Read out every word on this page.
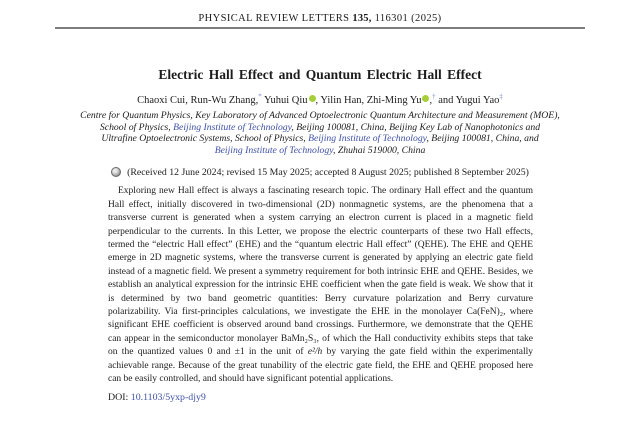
PHYSICAL REVIEW LETTERS 135, 116301 (2025)
Electric Hall Effect and Quantum Electric Hall Effect
Chaoxi Cui, Run-Wu Zhang,* Yuhui Qiu , Yilin Han, Zhi-Ming Yu ,† and Yugui Yao‡
Centre for Quantum Physics, Key Laboratory of Advanced Optoelectronic Quantum Architecture and Measurement (MOE),
School of Physics, Beijing Institute of Technology, Beijing 100081, China, Beijing Key Lab of Nanophotonics and
Ultrafine Optoelectronic Systems, School of Physics, Beijing Institute of Technology, Beijing 100081, China, and
Beijing Institute of Technology, Zhuhai 519000, China
(Received 12 June 2024; revised 15 May 2025; accepted 8 August 2025; published 8 September 2025)

Exploring new Hall effect is always a fascinating research topic. The ordinary Hall effect and the quantum Hall effect, initially discovered in two-dimensional (2D) nonmagnetic systems, are the phenomena that a transverse current is generated when a system carrying an electron current is placed in a magnetic field perpendicular to the currents. In this Letter, we propose the electric counterparts of these two Hall effects, termed the “electric Hall effect” (EHE) and the “quantum electric Hall effect” (QEHE). The EHE and QEHE emerge in 2D magnetic systems, where the transverse current is generated by applying an electric gate field instead of a magnetic field. We present a symmetry requirement for both intrinsic EHE and QEHE. Besides, we establish an analytical expression for the intrinsic EHE coefficient when the gate field is weak. We show that it is determined by two band geometric quantities: Berry curvature polarization and Berry curvature polarizability. Via first-principles calculations, we investigate the EHE in the monolayer Ca(FeN)₂, where significant EHE coefficient is observed around band crossings. Furthermore, we demonstrate that the QEHE can appear in the semiconductor monolayer BaMn₂S₃, of which the Hall conductivity exhibits steps that take on the quantized values 0 and ±1 in the unit of e²/h by varying the gate field within the experimentally achievable range. Because of the great tunability of the electric gate field, the EHE and QEHE proposed here can be easily controlled, and should have significant potential applications.

DOI: 10.1103/5yxp-djy9
